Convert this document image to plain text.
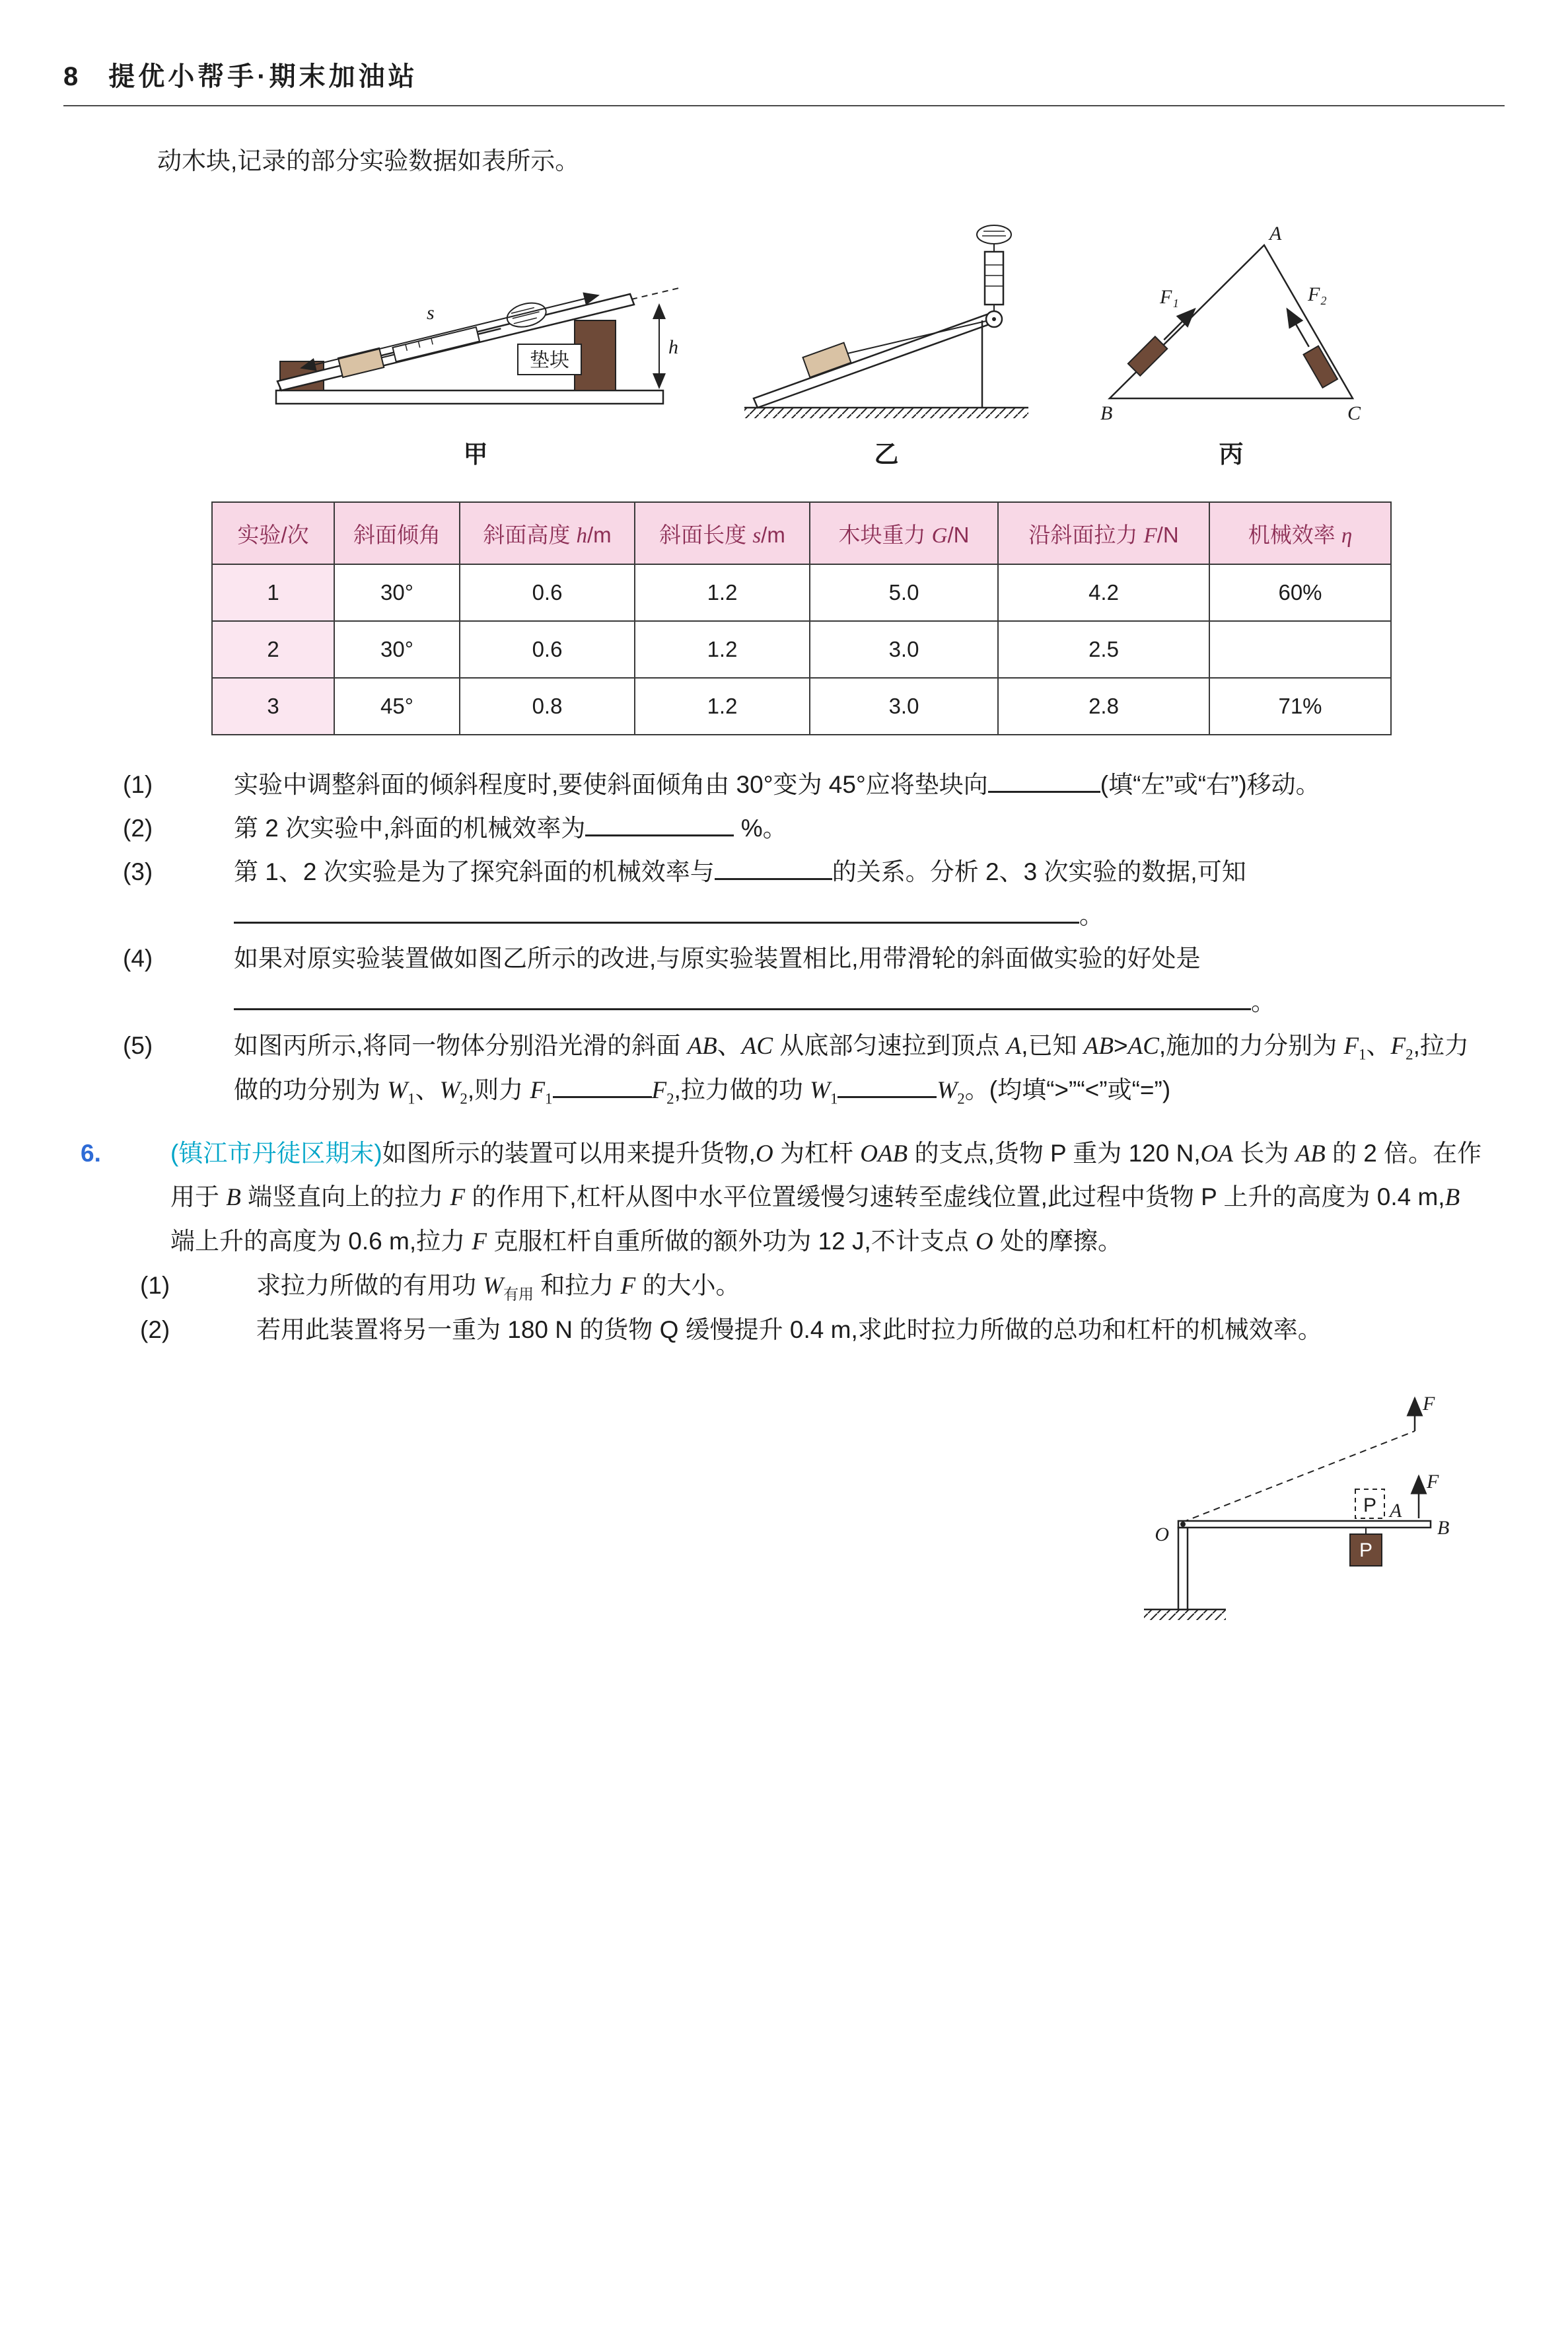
8 提优小帮手·期末加油站

动木块,记录的部分实验数据如表所示。

垫块
s
h
甲	乙
A
B	C
F₁	F₂
丙
实验/次	斜面倾角	斜面高度 h/m	斜面长度 s/m	木块重力 G/N	沿斜面拉力 F/N	机械效率 η
1	30°	0.6	1.2	5.0	4.2	60%
2	30°	0.6	1.2	3.0	2.5	
3	45°	0.8	1.2	3.0	2.8	71%
(1)	实验中调整斜面的倾斜程度时,要使斜面倾角由 30°变为 45°应将垫块向	(填“左”或“右”)移动。
(2)	第 2 次实验中,斜面的机械效率为	%。
(3)	第 1、2 次实验是为了探究斜面的机械效率与	的关系。分析 2、3 次实验的数据,可知。
(4)	如果对原实验装置做如图乙所示的改进,与原实验装置相比,用带滑轮的斜面做实验的好处是。
(5)	如图丙所示,将同一物体分别沿光滑的斜面 AB、AC 从底部匀速拉到顶点 A,已知 AB>AC,施加的力分别为 $F_1$、$F_2$,拉力做的功分别为 $W_1$、$W_2$,则力 $F_1$	$F_2$,拉力做的功 $W_1$	$W_2$。(均填“>”“<”或“=”)
6.	(镇江市丹徒区期末)如图所示的装置可以用来提升货物,O 为杠杆 OAB 的支点,货物 P 重为 120 N,OA 长为 AB 的 2 倍。在作用于 B 端竖直向上的拉力 F 的作用下,杠杆从图中水平位置缓慢匀速转至虚线位置,此过程中货物 P 上升的高度为 0.4 m,B 端上升的高度为 0.6 m,拉力 F 克服杠杆自重所做的额外功为 12 J,不计支点 O 处的摩擦。
(1)	求拉力所做的有用功 $W_{有用}$ 和拉力 F 的大小。
(2)	若用此装置将另一重为 180 N 的货物 Q 缓慢提升 0.4 m,求此时拉力所做的总功和杠杆的机械效率。
F
O	B
F
P A
P
